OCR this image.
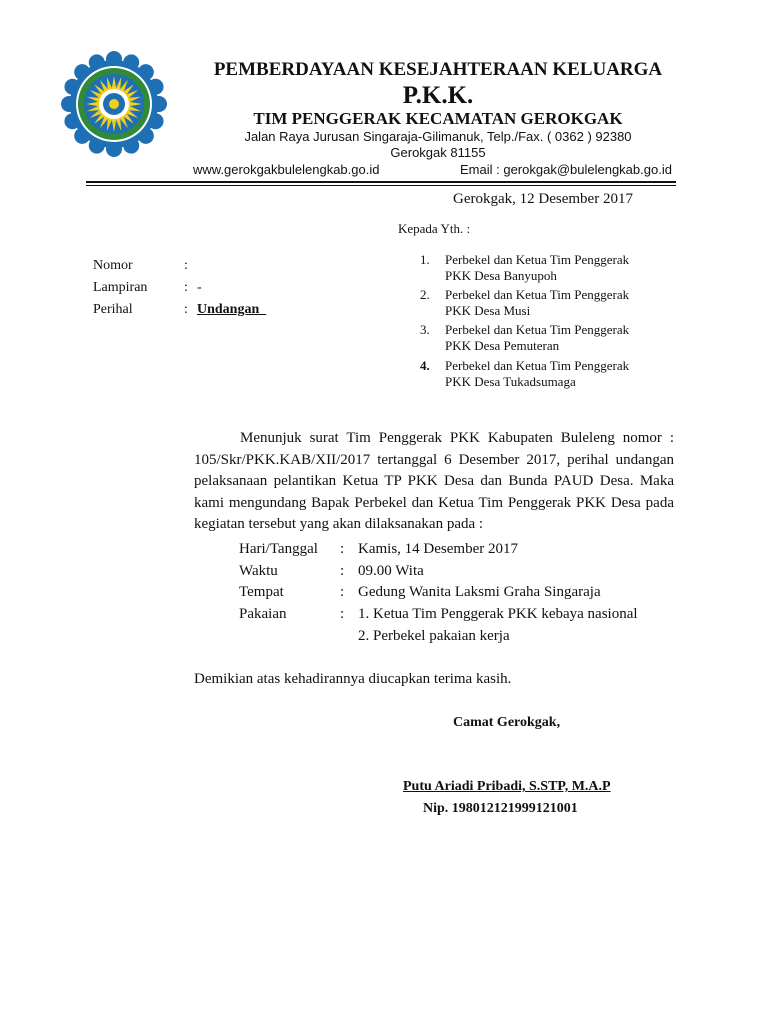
PEMBERDAYAAN KESEJAHTERAAN KELUARGA
P.K.K.
TIM PENGGERAK KECAMATAN GEROKGAK
Jalan Raya Jurusan Singaraja-Gilimanuk, Telp./Fax. ( 0362 ) 92380
Gerokgak 81155
www.gerokgakbulelengkab.go.id	Email : gerokgak@bulelengkab.go.id
Gerokgak, 12 Desember 2017
Kepada Yth. :
1.	Perbekel dan Ketua Tim Penggerak
PKK Desa Banyupoh
2.	Perbekel dan Ketua Tim Penggerak
PKK Desa Musi
3.	Perbekel dan Ketua Tim Penggerak
PKK Desa Pemuteran
4.	Perbekel dan Ketua Tim Penggerak
PKK Desa Tukadsumaga
Nomor	:
Lampiran	: -
Perihal	: Undangan
Menunjuk surat Tim Penggerak PKK Kabupaten Buleleng nomor : 105/Skr/PKK.KAB/XII/2017 tertanggal 6 Desember 2017, perihal undangan pelaksanaan pelantikan Ketua TP PKK Desa dan Bunda PAUD Desa. Maka kami mengundang Bapak Perbekel dan Ketua Tim Penggerak PKK Desa pada kegiatan tersebut yang akan dilaksanakan pada :
Hari/Tanggal : Kamis, 14 Desember 2017
Waktu	: 09.00 Wita
Tempat	: Gedung Wanita Laksmi Graha Singaraja
Pakaian	: 1. Ketua Tim Penggerak PKK kebaya nasional
2. Perbekel pakaian kerja
Demikian atas kehadirannya diucapkan terima kasih.
Camat Gerokgak,
Putu Ariadi Pribadi, S.STP, M.A.P
Nip. 198012121999121001
